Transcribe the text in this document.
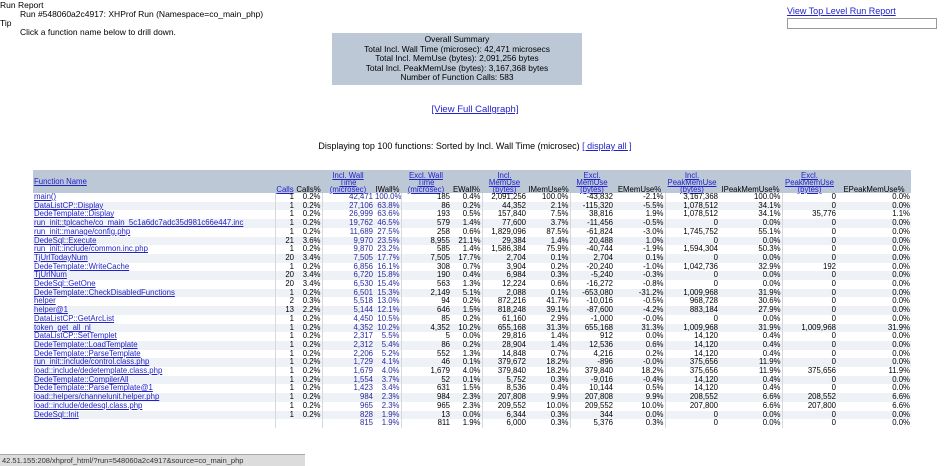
Run Report
Run #548060a2c4917: XHProf Run (Namespace=co_main_php)
Tip
Click a function name below to drill down.
View Top Level Run Report
Overall Summary
Total Incl. Wall Time (microsec): 42,471 microsecs
Total Incl. MemUse (bytes): 2,091,256 bytes
Total Incl. PeakMemUse (bytes): 3,167,368 bytes
Number of Function Calls: 583
[View Full Callgraph]
Displaying top 100 functions: Sorted by Incl. Wall Time (microsec) [ display all ]
Function Name	Calls	Calls%	Incl. Wall Time (microsec)	IWall%	Excl. Wall Time (microsec)	EWall%	Incl. MemUse (bytes)	IMemUse%	Excl. MemUse (bytes)	EMemUse%	Incl. PeakMemUse (bytes)	IPeakMemUse%	Excl. PeakMemUse (bytes)	EPeakMemUse%
main()	1	0.2%	42,471	100.0%	185	0.4%	2,091,256	100.0%	-43,832	-2.1%	3,167,368	100.0%	0	0.0%
DataListCP::Display	1	0.2%	27,106	63.8%	86	0.2%	44,352	2.1%	-115,320	-5.5%	1,078,512	34.1%	0	0.0%
DedeTemplate::Display	1	0.2%	26,999	63.6%	193	0.5%	157,840	7.5%	38,816	1.9%	1,078,512	34.1%	35,776	1.1%
run_init::tplcache/co_main_5c1a6dc7adc35d981c66e447.inc	1	0.2%	19,762	46.5%	579	1.4%	77,600	3.7%	-11,456	-0.5%	0	0.0%	0	0.0%
run_init::manage/config.php	1	0.2%	11,689	27.5%	258	0.6%	1,829,096	87.5%	-61,824	-3.0%	1,745,752	55.1%	0	0.0%
DedeSql::Execute	21	3.6%	9,970	23.5%	8,955	21.1%	29,384	1.4%	20,488	1.0%	0	0.0%	0	0.0%
run_init::include/common.inc.php	1	0.2%	9,870	23.2%	585	1.4%	1,586,384	75.9%	-40,744	-1.9%	1,594,304	50.3%	0	0.0%
TjUrlTodayNum	20	3.4%	7,505	17.7%	7,505	17.7%	2,704	0.1%	2,704	0.1%	0	0.0%	0	0.0%
DedeTemplate::WriteCache	1	0.2%	6,856	16.1%	308	0.7%	3,904	0.2%	-20,240	-1.0%	1,042,736	32.9%	192	0.0%
TjUrlNum	20	3.4%	6,720	15.8%	190	0.4%	6,984	0.3%	-5,240	-0.3%	0	0.0%	0	0.0%
DedeSql::GetOne	20	3.4%	6,530	15.4%	563	1.3%	12,224	0.6%	-16,272	-0.8%	0	0.0%	0	0.0%
DedeTemplate::CheckDisabledFunctions	1	0.2%	6,501	15.3%	2,149	5.1%	2,088	0.1%	-653,080	-31.2%	1,009,968	31.9%	0	0.0%
helper	2	0.3%	5,518	13.0%	94	0.2%	872,216	41.7%	-10,016	-0.5%	968,728	30.6%	0	0.0%
helper@1	13	2.2%	5,144	12.1%	646	1.5%	818,248	39.1%	-87,600	-4.2%	883,184	27.9%	0	0.0%
DataListCP::GetArcList	1	0.2%	4,450	10.5%	85	0.2%	61,160	2.9%	-1,000	-0.0%	0	0.0%	0	0.0%
token_get_all_nl	1	0.2%	4,352	10.2%	4,352	10.2%	655,168	31.3%	655,168	31.3%	1,009,968	31.9%	1,009,968	31.9%
DataListCP::SetTemplet	1	0.2%	2,317	5.5%	5	0.0%	29,816	1.4%	912	0.0%	14,120	0.4%	0	0.0%
DedeTemplate::LoadTemplate	1	0.2%	2,312	5.4%	86	0.2%	28,904	1.4%	12,536	0.6%	14,120	0.4%	0	0.0%
DedeTemplate::ParseTemplate	1	0.2%	2,206	5.2%	552	1.3%	14,848	0.7%	4,216	0.2%	14,120	0.4%	0	0.0%
run_init::include/control.class.php	1	0.2%	1,729	4.1%	46	0.1%	379,672	18.2%	-896	-0.0%	375,656	11.9%	0	0.0%
load::include/dedetemplate.class.php	1	0.2%	1,679	4.0%	1,679	4.0%	379,840	18.2%	379,840	18.2%	375,656	11.9%	375,656	11.9%
DedeTemplate::CompilerAll	1	0.2%	1,554	3.7%	52	0.1%	5,752	0.3%	-9,016	-0.4%	14,120	0.4%	0	0.0%
DedeTemplate::ParseTemplate@1	1	0.2%	1,423	3.4%	631	1.5%	8,536	0.4%	10,144	0.5%	14,120	0.4%	0	0.0%
load::helpers/channelunit.helper.php	1	0.2%	984	2.3%	984	2.3%	207,808	9.9%	207,808	9.9%	208,552	6.6%	208,552	6.6%
load::include/dedesql.class.php	1	0.2%	965	2.3%	965	2.3%	209,552	10.0%	209,552	10.0%	207,800	6.6%	207,800	6.6%
DedeSql::Init	1	0.2%	828	1.9%	13	0.0%	6,344	0.3%	344	0.0%	0	0.0%	0	0.0%
			815	1.9%	811	1.9%	6,000	0.3%	5,376	0.3%	0	0.0%	0	0.0%
42.51.155:208/xhprof_html/?run=548060a2c4917&source=co_main_php
